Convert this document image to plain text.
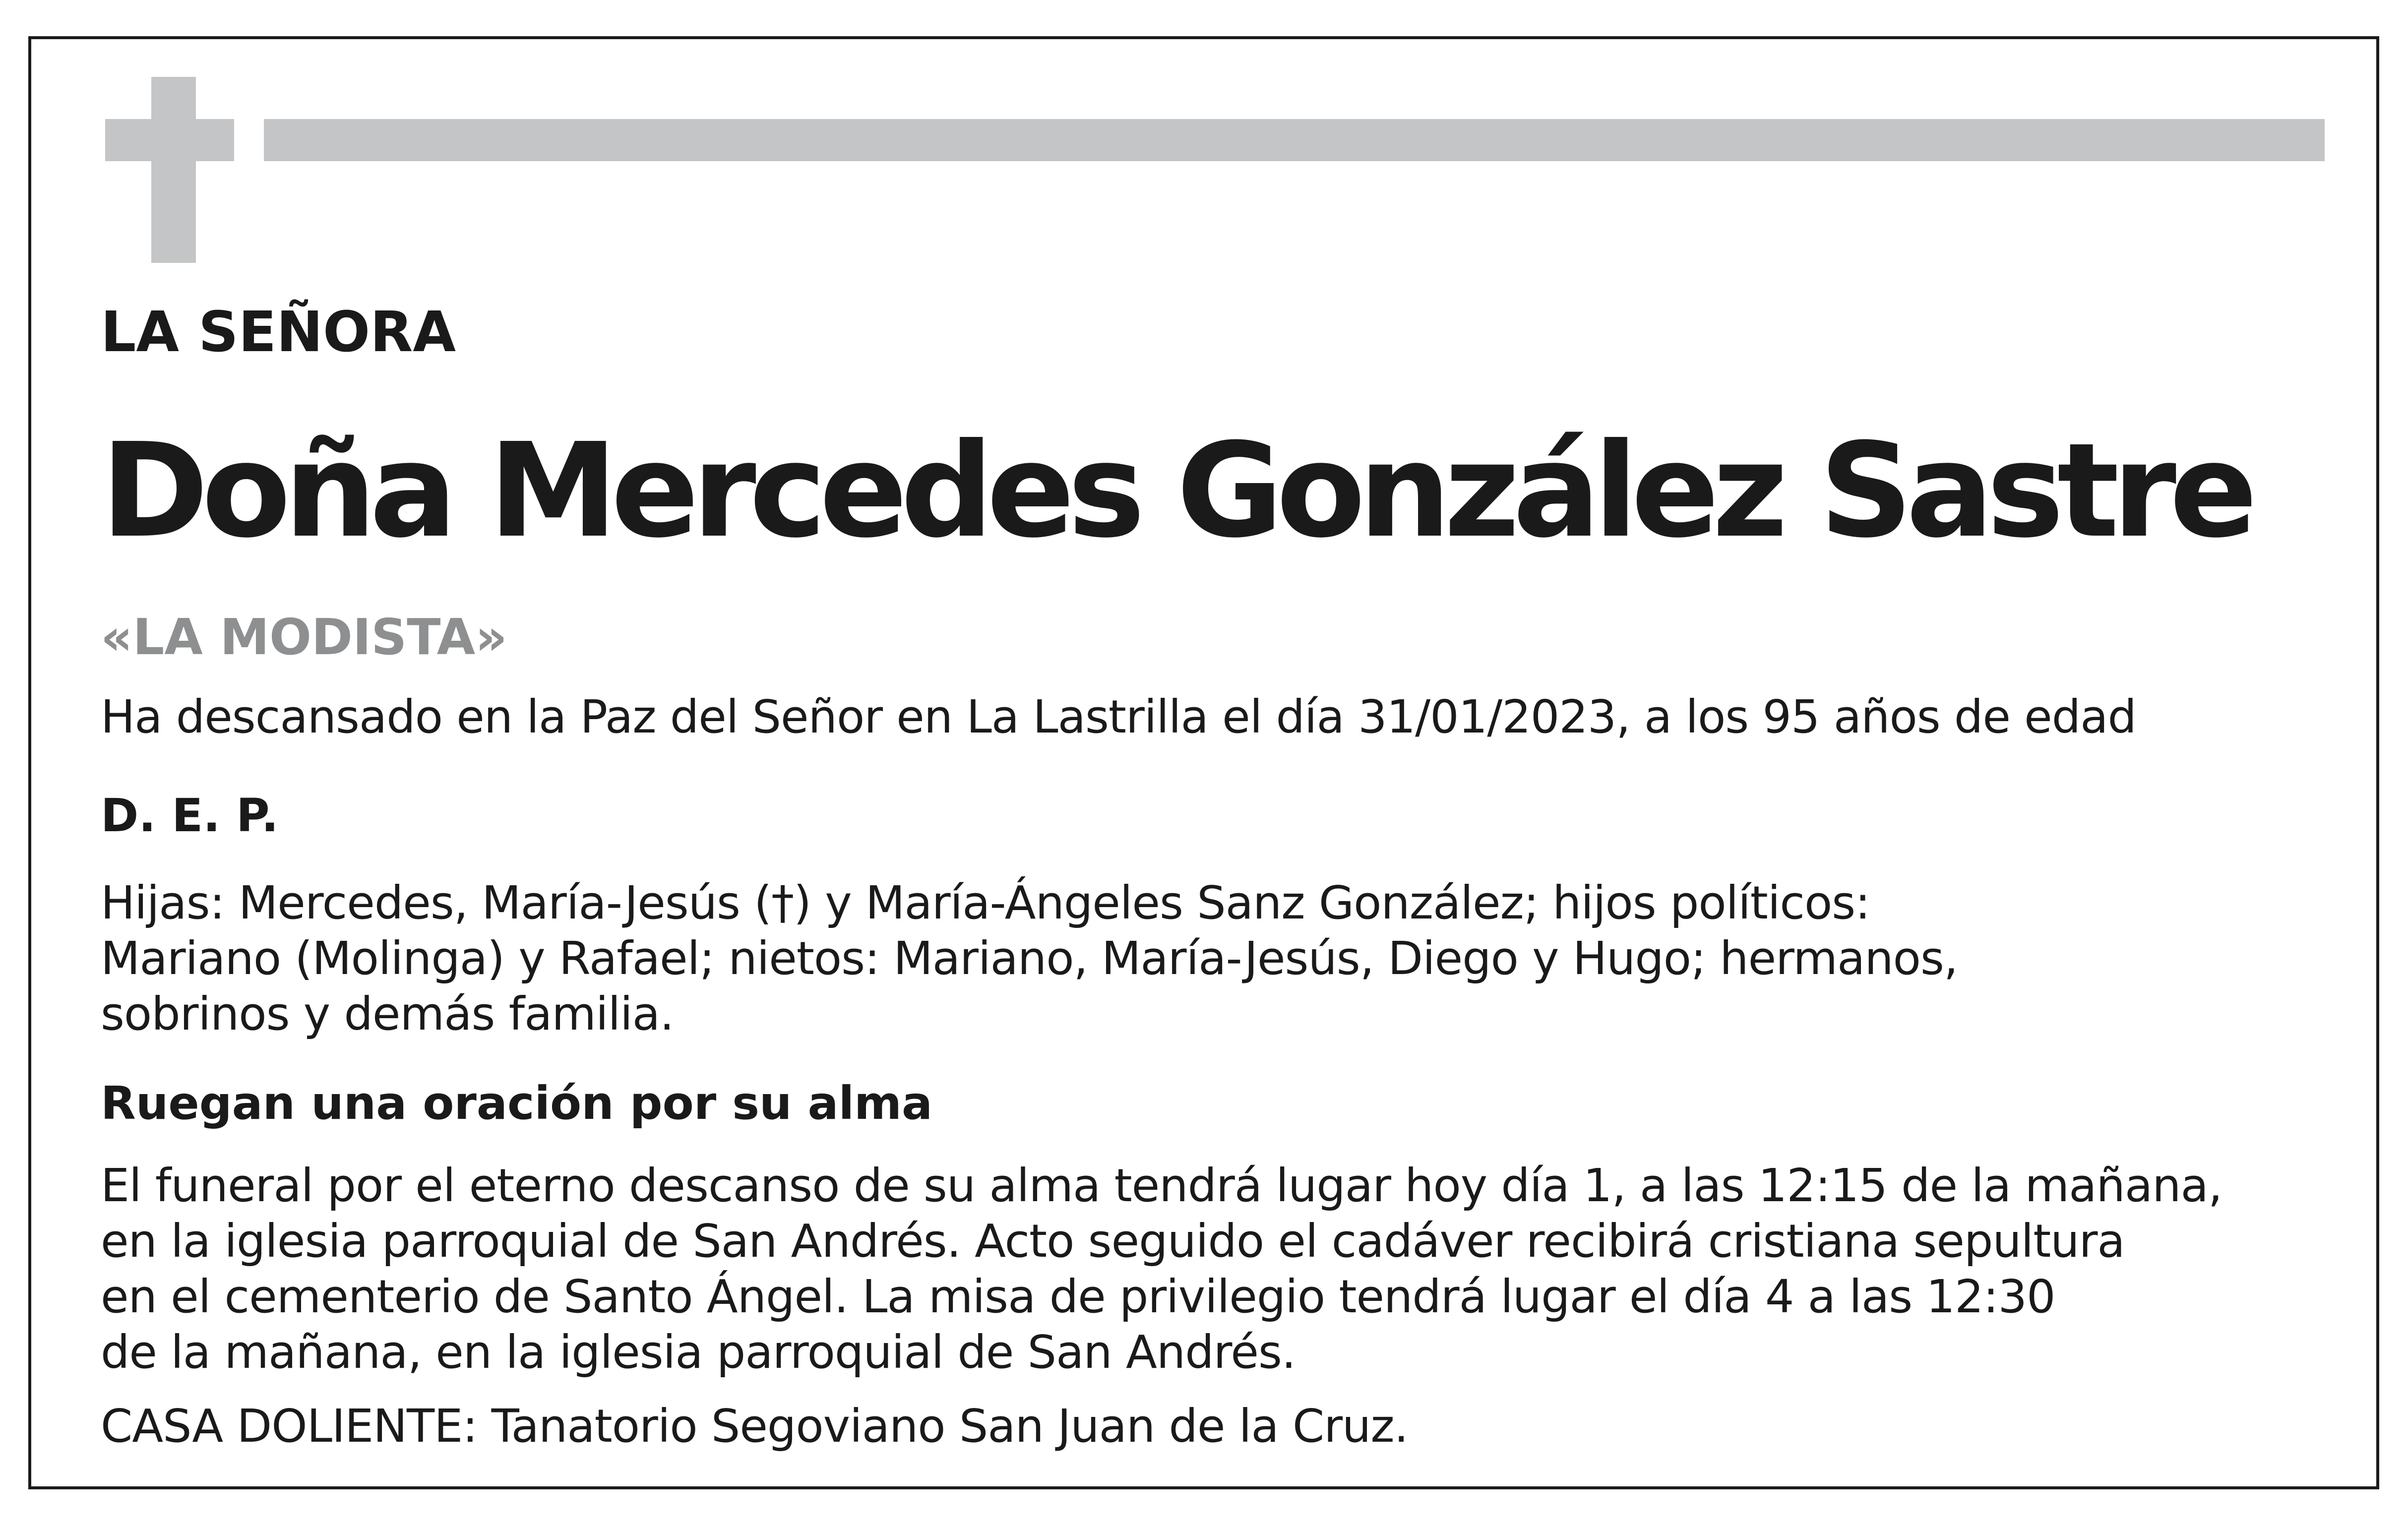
LA SEÑORA

Doña Mercedes González Sastre

«LA MODISTA»

Ha descansado en la Paz del Señor en La Lastrilla el día 31/01/2023, a los 95 años de edad

D. E. P.

Hijas: Mercedes, María-Jesús (†) y María-Ángeles Sanz González; hijos políticos:
Mariano (Molinga) y Rafael; nietos: Mariano, María-Jesús, Diego y Hugo; hermanos,
sobrinos y demás familia.

Ruegan una oración por su alma

El funeral por el eterno descanso de su alma tendrá lugar hoy día 1, a las 12:15 de la mañana,
en la iglesia parroquial de San Andrés. Acto seguido el cadáver recibirá cristiana sepultura
en el cementerio de Santo Ángel. La misa de privilegio tendrá lugar el día 4 a las 12:30
de la mañana, en la iglesia parroquial de San Andrés.

CASA DOLIENTE: Tanatorio Segoviano San Juan de la Cruz.
